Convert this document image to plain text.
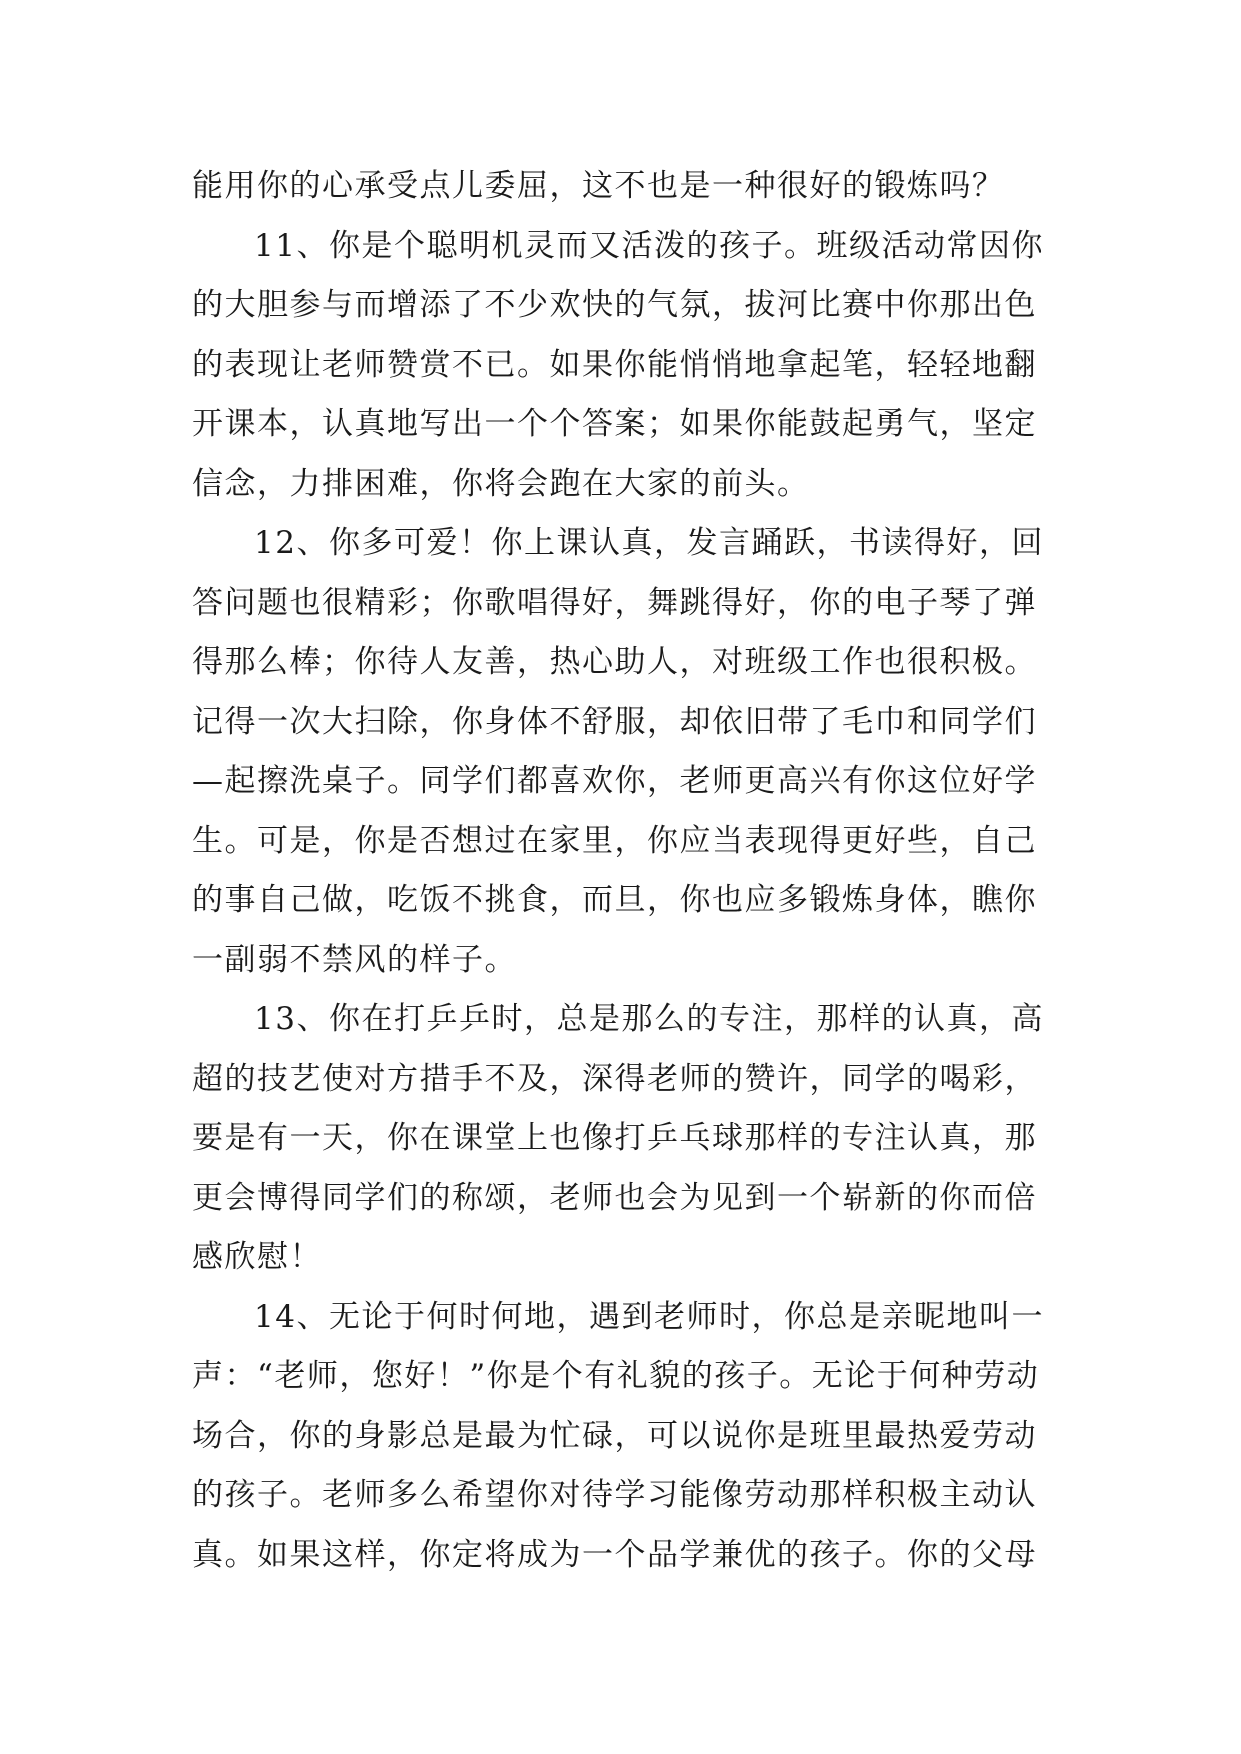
能用你的心承受点儿委屈，这不也是一种很好的锻炼吗？
11、你是个聪明机灵而又活泼的孩子。班级活动常因你
的大胆参与而增添了不少欢快的气氛，拔河比赛中你那出色
的表现让老师赞赏不已。如果你能悄悄地拿起笔，轻轻地翻
开课本，认真地写出一个个答案；如果你能鼓起勇气，坚定
信念，力排困难，你将会跑在大家的前头。
12、你多可爱！你上课认真，发言踊跃，书读得好，回
答问题也很精彩；你歌唱得好，舞跳得好，你的电子琴了弹
得那么棒；你待人友善，热心助人，对班级工作也很积极。
记得一次大扫除，你身体不舒服，却依旧带了毛巾和同学们
—起擦洗桌子。同学们都喜欢你，老师更高兴有你这位好学
生。可是，你是否想过在家里，你应当表现得更好些，自己
的事自己做，吃饭不挑食，而旦，你也应多锻炼身体，瞧你
一副弱不禁风的样子。
13、你在打乒乒时，总是那么的专注，那样的认真，高
超的技艺使对方措手不及，深得老师的赞许，同学的喝彩，
要是有一天，你在课堂上也像打乒乓球那样的专注认真，那
更会博得同学们的称颂，老师也会为见到一个崭新的你而倍
感欣慰！
14、无论于何时何地，遇到老师时，你总是亲昵地叫一
声：“老师，您好！”你是个有礼貌的孩子。无论于何种劳动
场合，你的身影总是最为忙碌，可以说你是班里最热爱劳动
的孩子。老师多么希望你对待学习能像劳动那样积极主动认
真。如果这样，你定将成为一个品学兼优的孩子。你的父母
